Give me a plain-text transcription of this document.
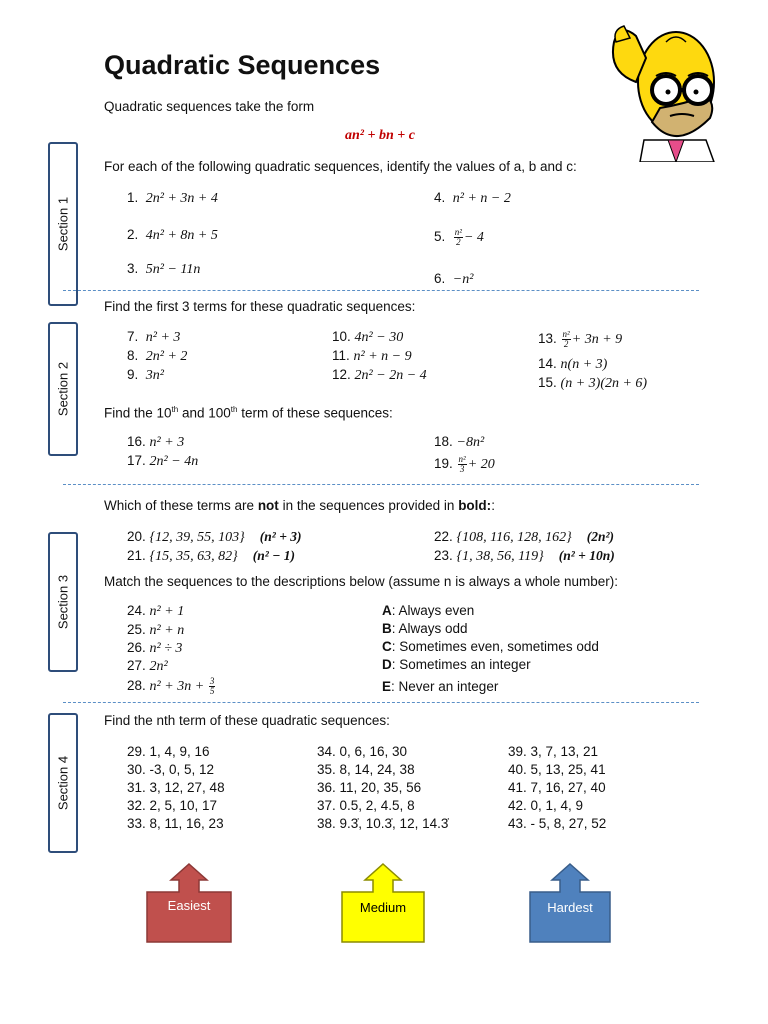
Quadratic Sequences
Quadratic sequences take the form
an² + bn + c
Section 1
Section 2
Section 3
Section 4
For each of the following quadratic sequences, identify the values of a, b and c:
1. 2n² + 3n + 4
2. 4n² + 8n + 5
3. 5n² − 11n
4. n² + n − 2
5. $\frac{\text{n²}}{2} - 4$
6. −n²
Find the first 3 terms for these quadratic sequences:
7. n² + 3
8. 2n² + 2
9. 3n²
10. 4n² − 30
11. n² + n − 9
12. 2n² − 2n − 4
13. $\frac{\text{n²}}{2} + 3n + 9$
14. n(n + 3)
15. (n + 3)(2n + 6)
Find the 10th and 100th term of these sequences:
16. n² + 3
17. 2n² − 4n
18. −8n²
19. $\frac{\text{n²}}{3} + 20$
Which of these terms are not in the sequences provided in bold::
20. {12, 39, 55, 103} (n² + 3)
21. {15, 35, 63, 82} (n² − 1)
22. {108, 116, 128, 162} (2n²)
23. {1, 38, 56, 119} (n² + 10n)
Match the sequences to the descriptions below (assume n is always a whole number):
24. n² + 1
25. n² + n
26. n² ÷ 3
27. 2n²
28. $n^2 + 3n + \frac{3}{5}$
A: Always even
B: Always odd
C: Sometimes even, sometimes odd
D: Sometimes an integer
E: Never an integer
Find the nth term of these quadratic sequences:
29. 1, 4, 9, 16
30. -3, 0, 5, 12
31. 3, 12, 27, 48
32. 2, 5, 10, 17
33. 8, 11, 16, 23
34. 0, 6, 16, 30
35. 8, 14, 24, 38
36. 11, 20, 35, 56
37. 0.5, 2, 4.5, 8
38. 9.3̇, 10.3̇, 12, 14.3̇
39. 3, 7, 13, 21
40. 5, 13, 25, 41
41. 7, 16, 27, 40
42. 0, 1, 4, 9
43. - 5, 8, 27, 52
Easiest	Medium	Hardest
